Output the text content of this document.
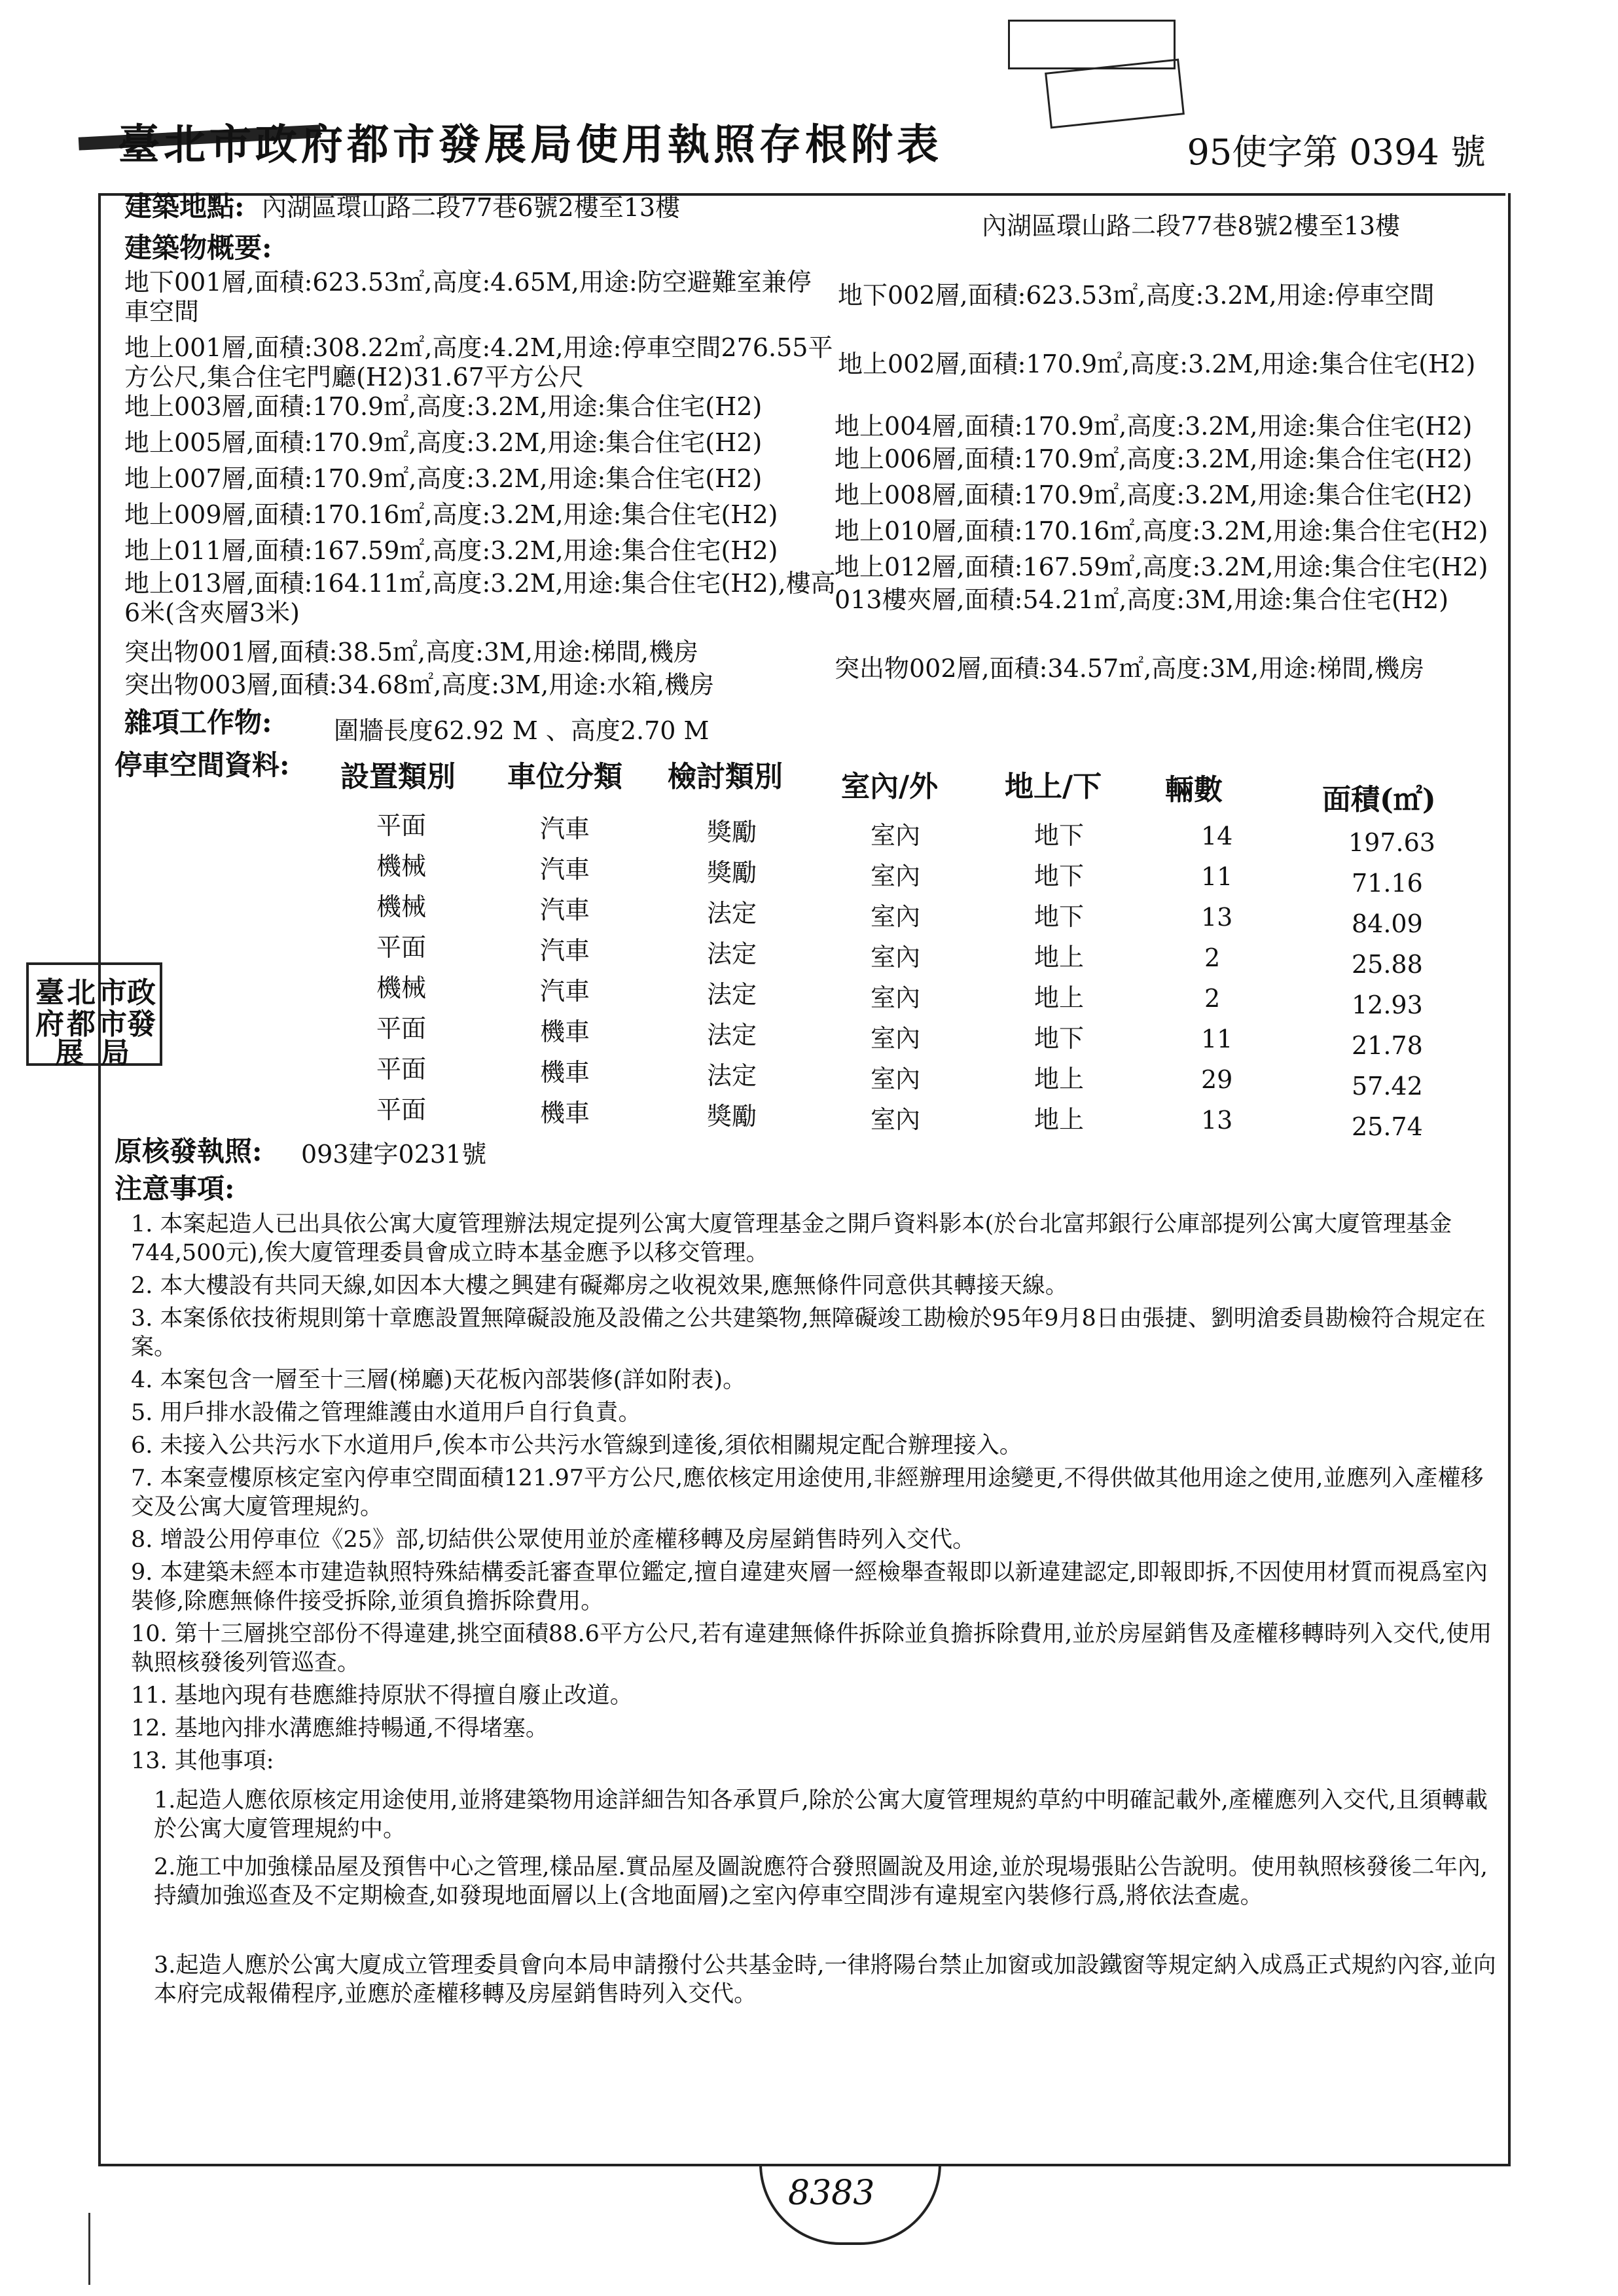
臺北市政府都市發展局使用執照存根附表	95使字第 0394 號
建築地點: 內湖區環山路二段77巷6號2樓至13樓
內湖區環山路二段77巷8號2樓至13樓
建築物概要:
地下001層,面積:623.53㎡,高度:4.65M,用途:防空避難室兼停
車空間
地上001層,面積:308.22㎡,高度:4.2M,用途:停車空間276.55平
方公尺,集合住宅門廳(H2)31.67平方公尺
地上003層,面積:170.9㎡,高度:3.2M,用途:集合住宅(H2)
地上005層,面積:170.9㎡,高度:3.2M,用途:集合住宅(H2)
地上007層,面積:170.9㎡,高度:3.2M,用途:集合住宅(H2)
地上009層,面積:170.16㎡,高度:3.2M,用途:集合住宅(H2)
地上011層,面積:167.59㎡,高度:3.2M,用途:集合住宅(H2)
地上013層,面積:164.11㎡,高度:3.2M,用途:集合住宅(H2),樓高
6米(含夾層3米)
突出物001層,面積:38.5㎡,高度:3M,用途:梯間,機房
突出物003層,面積:34.68㎡,高度:3M,用途:水箱,機房
地下002層,面積:623.53㎡,高度:3.2M,用途:停車空間
地上002層,面積:170.9㎡,高度:3.2M,用途:集合住宅(H2)
地上004層,面積:170.9㎡,高度:3.2M,用途:集合住宅(H2)
地上006層,面積:170.9㎡,高度:3.2M,用途:集合住宅(H2)
地上008層,面積:170.9㎡,高度:3.2M,用途:集合住宅(H2)
地上010層,面積:170.16㎡,高度:3.2M,用途:集合住宅(H2)
地上012層,面積:167.59㎡,高度:3.2M,用途:集合住宅(H2)
013樓夾層,面積:54.21㎡,高度:3M,用途:集合住宅(H2)
突出物002層,面積:34.57㎡,高度:3M,用途:梯間,機房
雜項工作物: 圍牆長度62.92 M 、高度2.70 M
停車空間資料: 設置類別 車位分類 檢討類別 室內/外 地上/下 輛數	面積(㎡)
平面	汽車	獎勵	室內	地下	14	197.63
機械	汽車	獎勵	室內	地下	11	71.16
機械	汽車	法定	室內	地下	13	84.09
平面	汽車	法定	室內	地上	2	25.88
機械	汽車	法定	室內	地上	2	12.93
平面	機車	法定	室內	地下	11	21.78
平面	機車	法定	室內	地上	29	57.42
平面	機車	獎勵	室內	地上	13	25.74
臺 北 市 政
府 都 市 發
展 局
原核發執照: 093建字0231號
注意事項:
1. 本案起造人已出具依公寓大廈管理辦法規定提列公寓大廈管理基金之開戶資料影本(於台北富邦銀行公庫部提列公寓大廈管理基金744,500元),俟大廈管理委員會成立時本基金應予以移交管理。
2. 本大樓設有共同天線,如因本大樓之興建有礙鄰房之收視效果,應無條件同意供其轉接天線。
3. 本案係依技術規則第十章應設置無障礙設施及設備之公共建築物,無障礙竣工勘檢於95年9月8日由張捷、劉明滄委員勘檢符合規定在案。
4. 本案包含一層至十三層(梯廳)天花板內部裝修(詳如附表)。
5. 用戶排水設備之管理維護由水道用戶自行負責。
6. 未接入公共污水下水道用戶,俟本市公共污水管線到達後,須依相關規定配合辦理接入。
7. 本案壹樓原核定室內停車空間面積121.97平方公尺,應依核定用途使用,非經辦理用途變更,不得供做其他用途之使用,並應列入產權移交及公寓大廈管理規約。
8. 增設公用停車位《25》部,切結供公眾使用並於產權移轉及房屋銷售時列入交代。
9. 本建築未經本市建造執照特殊結構委託審查單位鑑定,擅自違建夾層一經檢舉查報即以新違建認定,即報即拆,不因使用材質而視爲室內裝修,除應無條件接受拆除,並須負擔拆除費用。
10. 第十三層挑空部份不得違建,挑空面積88.6平方公尺,若有違建無條件拆除並負擔拆除費用,並於房屋銷售及產權移轉時列入交代,使用執照核發後列管巡查。
11. 基地內現有巷應維持原狀不得擅自廢止改道。
12. 基地內排水溝應維持暢通,不得堵塞。
13. 其他事項:
1.起造人應依原核定用途使用,並將建築物用途詳細告知各承買戶,除於公寓大廈管理規約草約中明確記載外,產權應列入交代,且須轉載於公寓大廈管理規約中。
2.施工中加強樣品屋及預售中心之管理,樣品屋.實品屋及圖說應符合發照圖說及用途,並於現場張貼公告說明。使用執照核發後二年內,持續加強巡查及不定期檢查,如發現地面層以上(含地面層)之室內停車空間涉有違規室內裝修行爲,將依法查處。
3.起造人應於公寓大廈成立管理委員會向本局申請撥付公共基金時,一律將陽台禁止加窗或加設鐵窗等規定納入成爲正式規約內容,並向本府完成報備程序,並應於產權移轉及房屋銷售時列入交代。
8383
